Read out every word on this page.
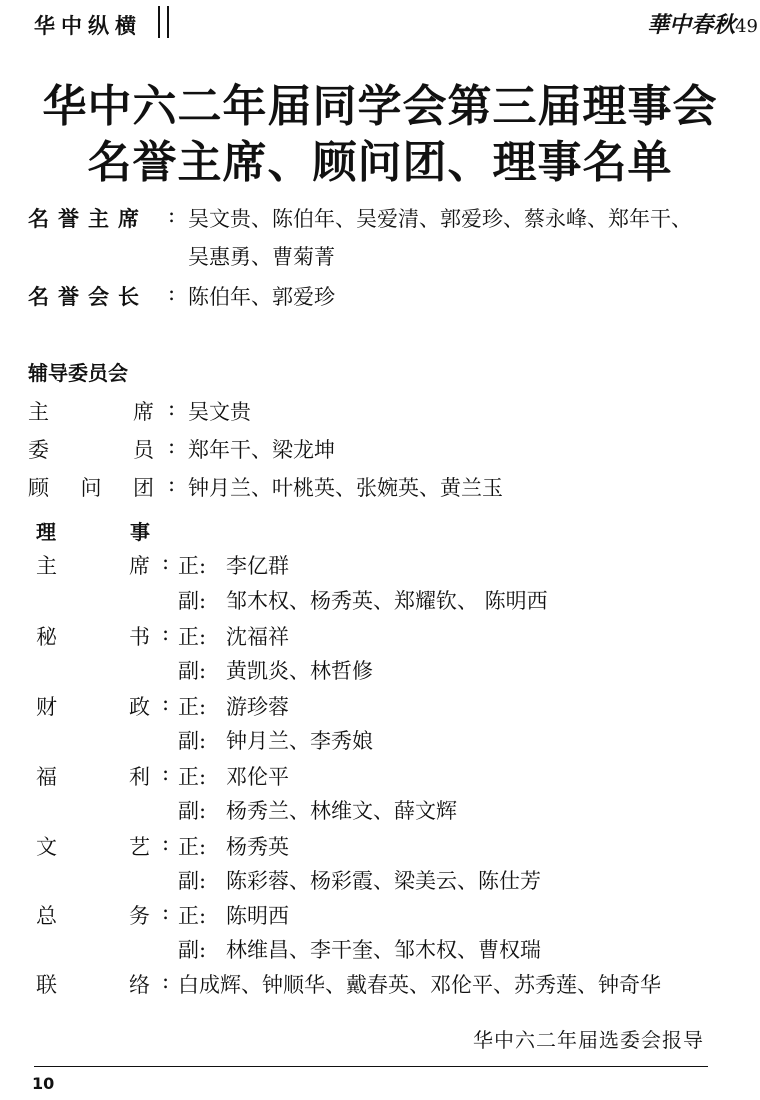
华中纵横	華中春秋49
华中六二年届同学会第三届理事会
名誉主席、顾问团、理事名单
名誉主席 : 吴文贵、陈伯年、吴爱清、郭爱珍、蔡永峰、郑年干、
吴惠勇、曹菊菁
名誉会长 : 陈伯年、郭爱珍
辅导委员会
主	席 : 吴文贵
委	员 : 郑年干、梁龙坤
顾 问 团 : 钟月兰、叶桃英、张婉英、黄兰玉
理	事
主	席 : 正: 李亿群
副: 邹木权、杨秀英、郑耀钦、 陈明西
秘	书 : 正: 沈福祥
副: 黄凯炎、林哲修
财	政 : 正: 游珍蓉
副: 钟月兰、李秀娘
福	利 : 正: 邓伦平
副: 杨秀兰、林维文、薛文辉
文	艺 : 正: 杨秀英
副: 陈彩蓉、杨彩霞、梁美云、陈仕芳
总	务 : 正: 陈明西
副: 林维昌、李干奎、邹木权、曹权瑞
联	络 : 白成辉、钟顺华、戴春英、邓伦平、苏秀莲、钟奇华
华中六二年届选委会报导
10
